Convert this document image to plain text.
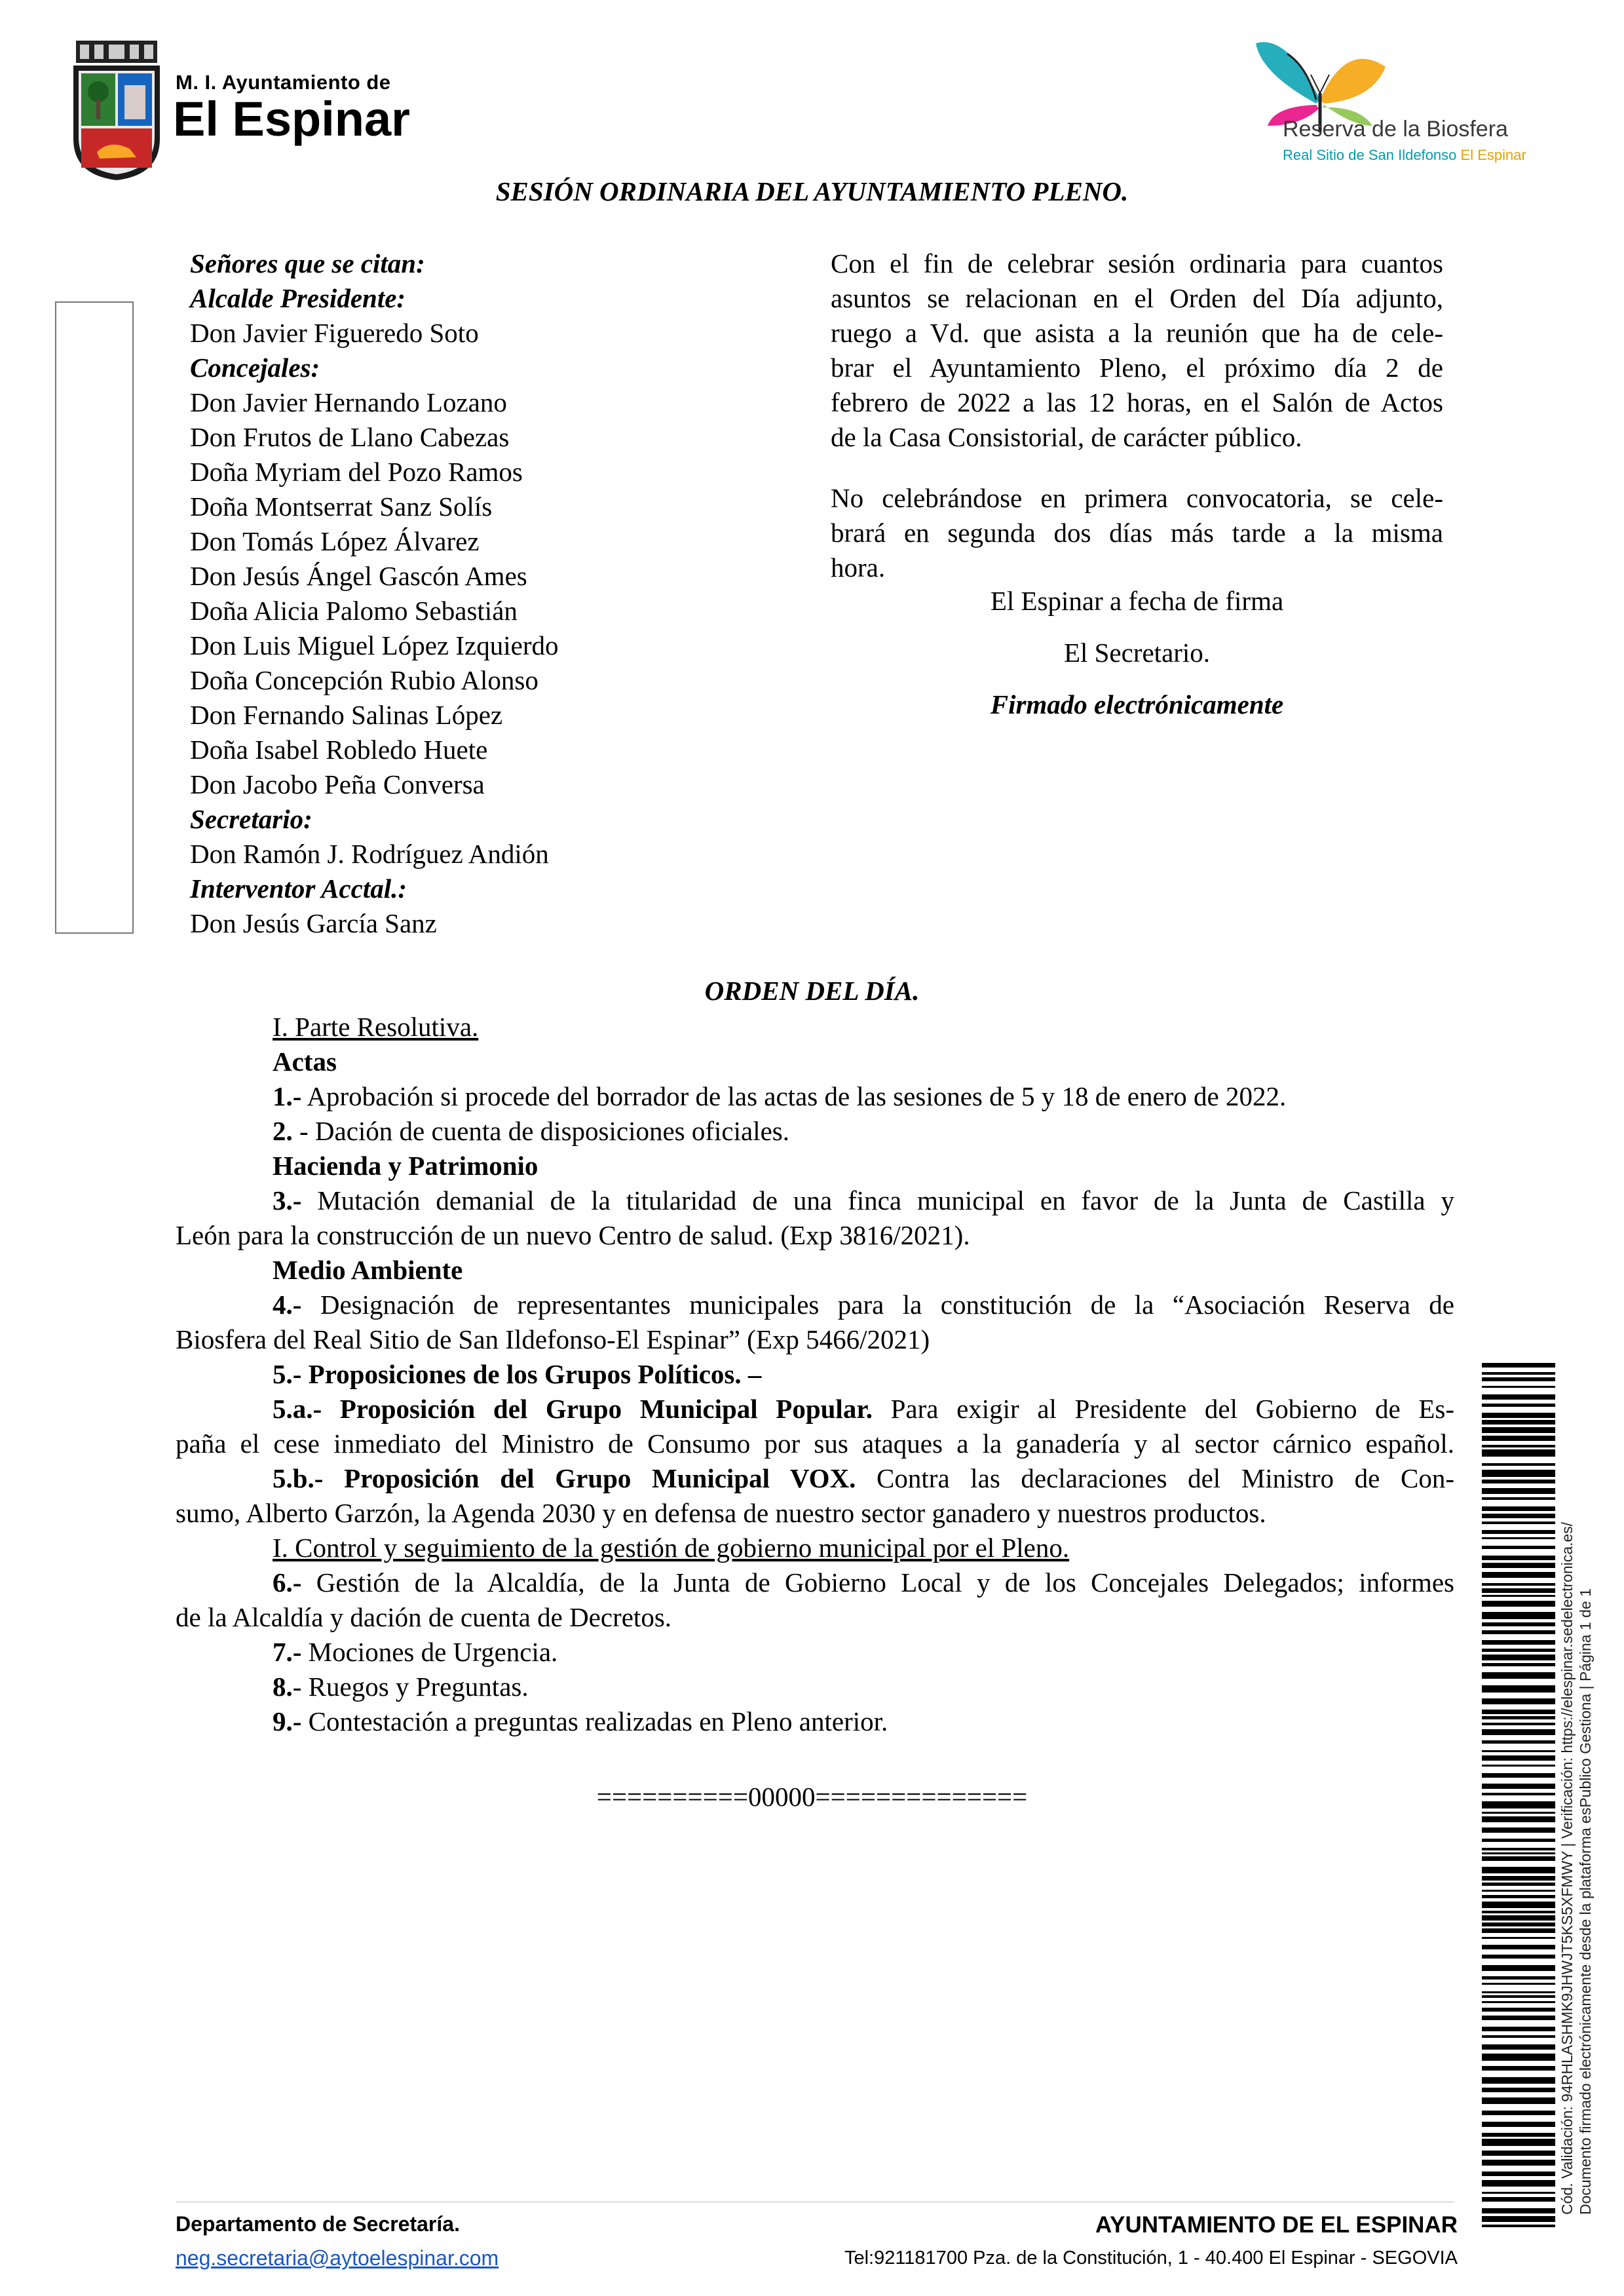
M. I. Ayuntamiento de
El Espinar	Reserva de la Biosfera
Real Sitio de San Ildefonso El Espinar
SESIÓN ORDINARIA DEL AYUNTAMIENTO PLENO.
Señores que se citan:
Alcalde Presidente:
Don Javier Figueredo Soto
Concejales:
Don Javier Hernando Lozano
Don Frutos de Llano Cabezas
Doña Myriam del Pozo Ramos
Doña Montserrat Sanz Solís
Don Tomás López Álvarez
Don Jesús Ángel Gascón Ames
Doña Alicia Palomo Sebastián
Don Luis Miguel López Izquierdo
Doña Concepción Rubio Alonso
Don Fernando Salinas López
Doña Isabel Robledo Huete
Don Jacobo Peña Conversa
Secretario:
Don Ramón J. Rodríguez Andión
Interventor Acctal.:
Don Jesús García Sanz
Con el fin de celebrar sesión ordinaria para cuantos
asuntos se relacionan en el Orden del Día adjunto,
ruego a Vd. que asista a la reunión que ha de cele-
brar el Ayuntamiento Pleno, el próximo día 2 de
febrero de 2022 a las 12 horas, en el Salón de Actos
de la Casa Consistorial, de carácter público.
No celebrándose en primera convocatoria, se cele-
brará en segunda dos días más tarde a la misma
hora.
El Espinar a fecha de firma
El Secretario.
Firmado electrónicamente
ORDEN DEL DÍA.
I. Parte Resolutiva.
Actas
1.- Aprobación si procede del borrador de las actas de las sesiones de 5 y 18 de enero de 2022.
2. - Dación de cuenta de disposiciones oficiales.
Hacienda y Patrimonio
3.- Mutación demanial de la titularidad de una finca municipal en favor de la Junta de Castilla y
León para la construcción de un nuevo Centro de salud. (Exp 3816/2021).
Medio Ambiente
4.- Designación de representantes municipales para la constitución de la “Asociación Reserva de
Biosfera del Real Sitio de San Ildefonso-El Espinar” (Exp 5466/2021)
5.- Proposiciones de los Grupos Políticos. –
5.a.- Proposición del Grupo Municipal Popular. Para exigir al Presidente del Gobierno de Es-
paña el cese inmediato del Ministro de Consumo por sus ataques a la ganadería y al sector cárnico español.
5.b.- Proposición del Grupo Municipal VOX. Contra las declaraciones del Ministro de Con-
sumo, Alberto Garzón, la Agenda 2030 y en defensa de nuestro sector ganadero y nuestros productos.
I. Control y seguimiento de la gestión de gobierno municipal por el Pleno.
6.- Gestión de la Alcaldía, de la Junta de Gobierno Local y de los Concejales Delegados; informes
de la Alcaldía y dación de cuenta de Decretos.
7.- Mociones de Urgencia.
8.- Ruegos y Preguntas.
9.- Contestación a preguntas realizadas en Pleno anterior.
==========00000==============	Cód. Validación: 94RHLASHMK9JHWJT5KS5XFMWY | Verificación: https://elespinar.sedelectronica.es/ Documento firmado electrónicamente desde la plataforma esPublico Gestiona | Página 1 de 1
Departamento de Secretaría.
neg.secretaria@aytoelespinar.com
AYUNTAMIENTO DE EL ESPINAR
Tel:921181700 Pza. de la Constitución, 1 - 40.400 El Espinar - SEGOVIA
